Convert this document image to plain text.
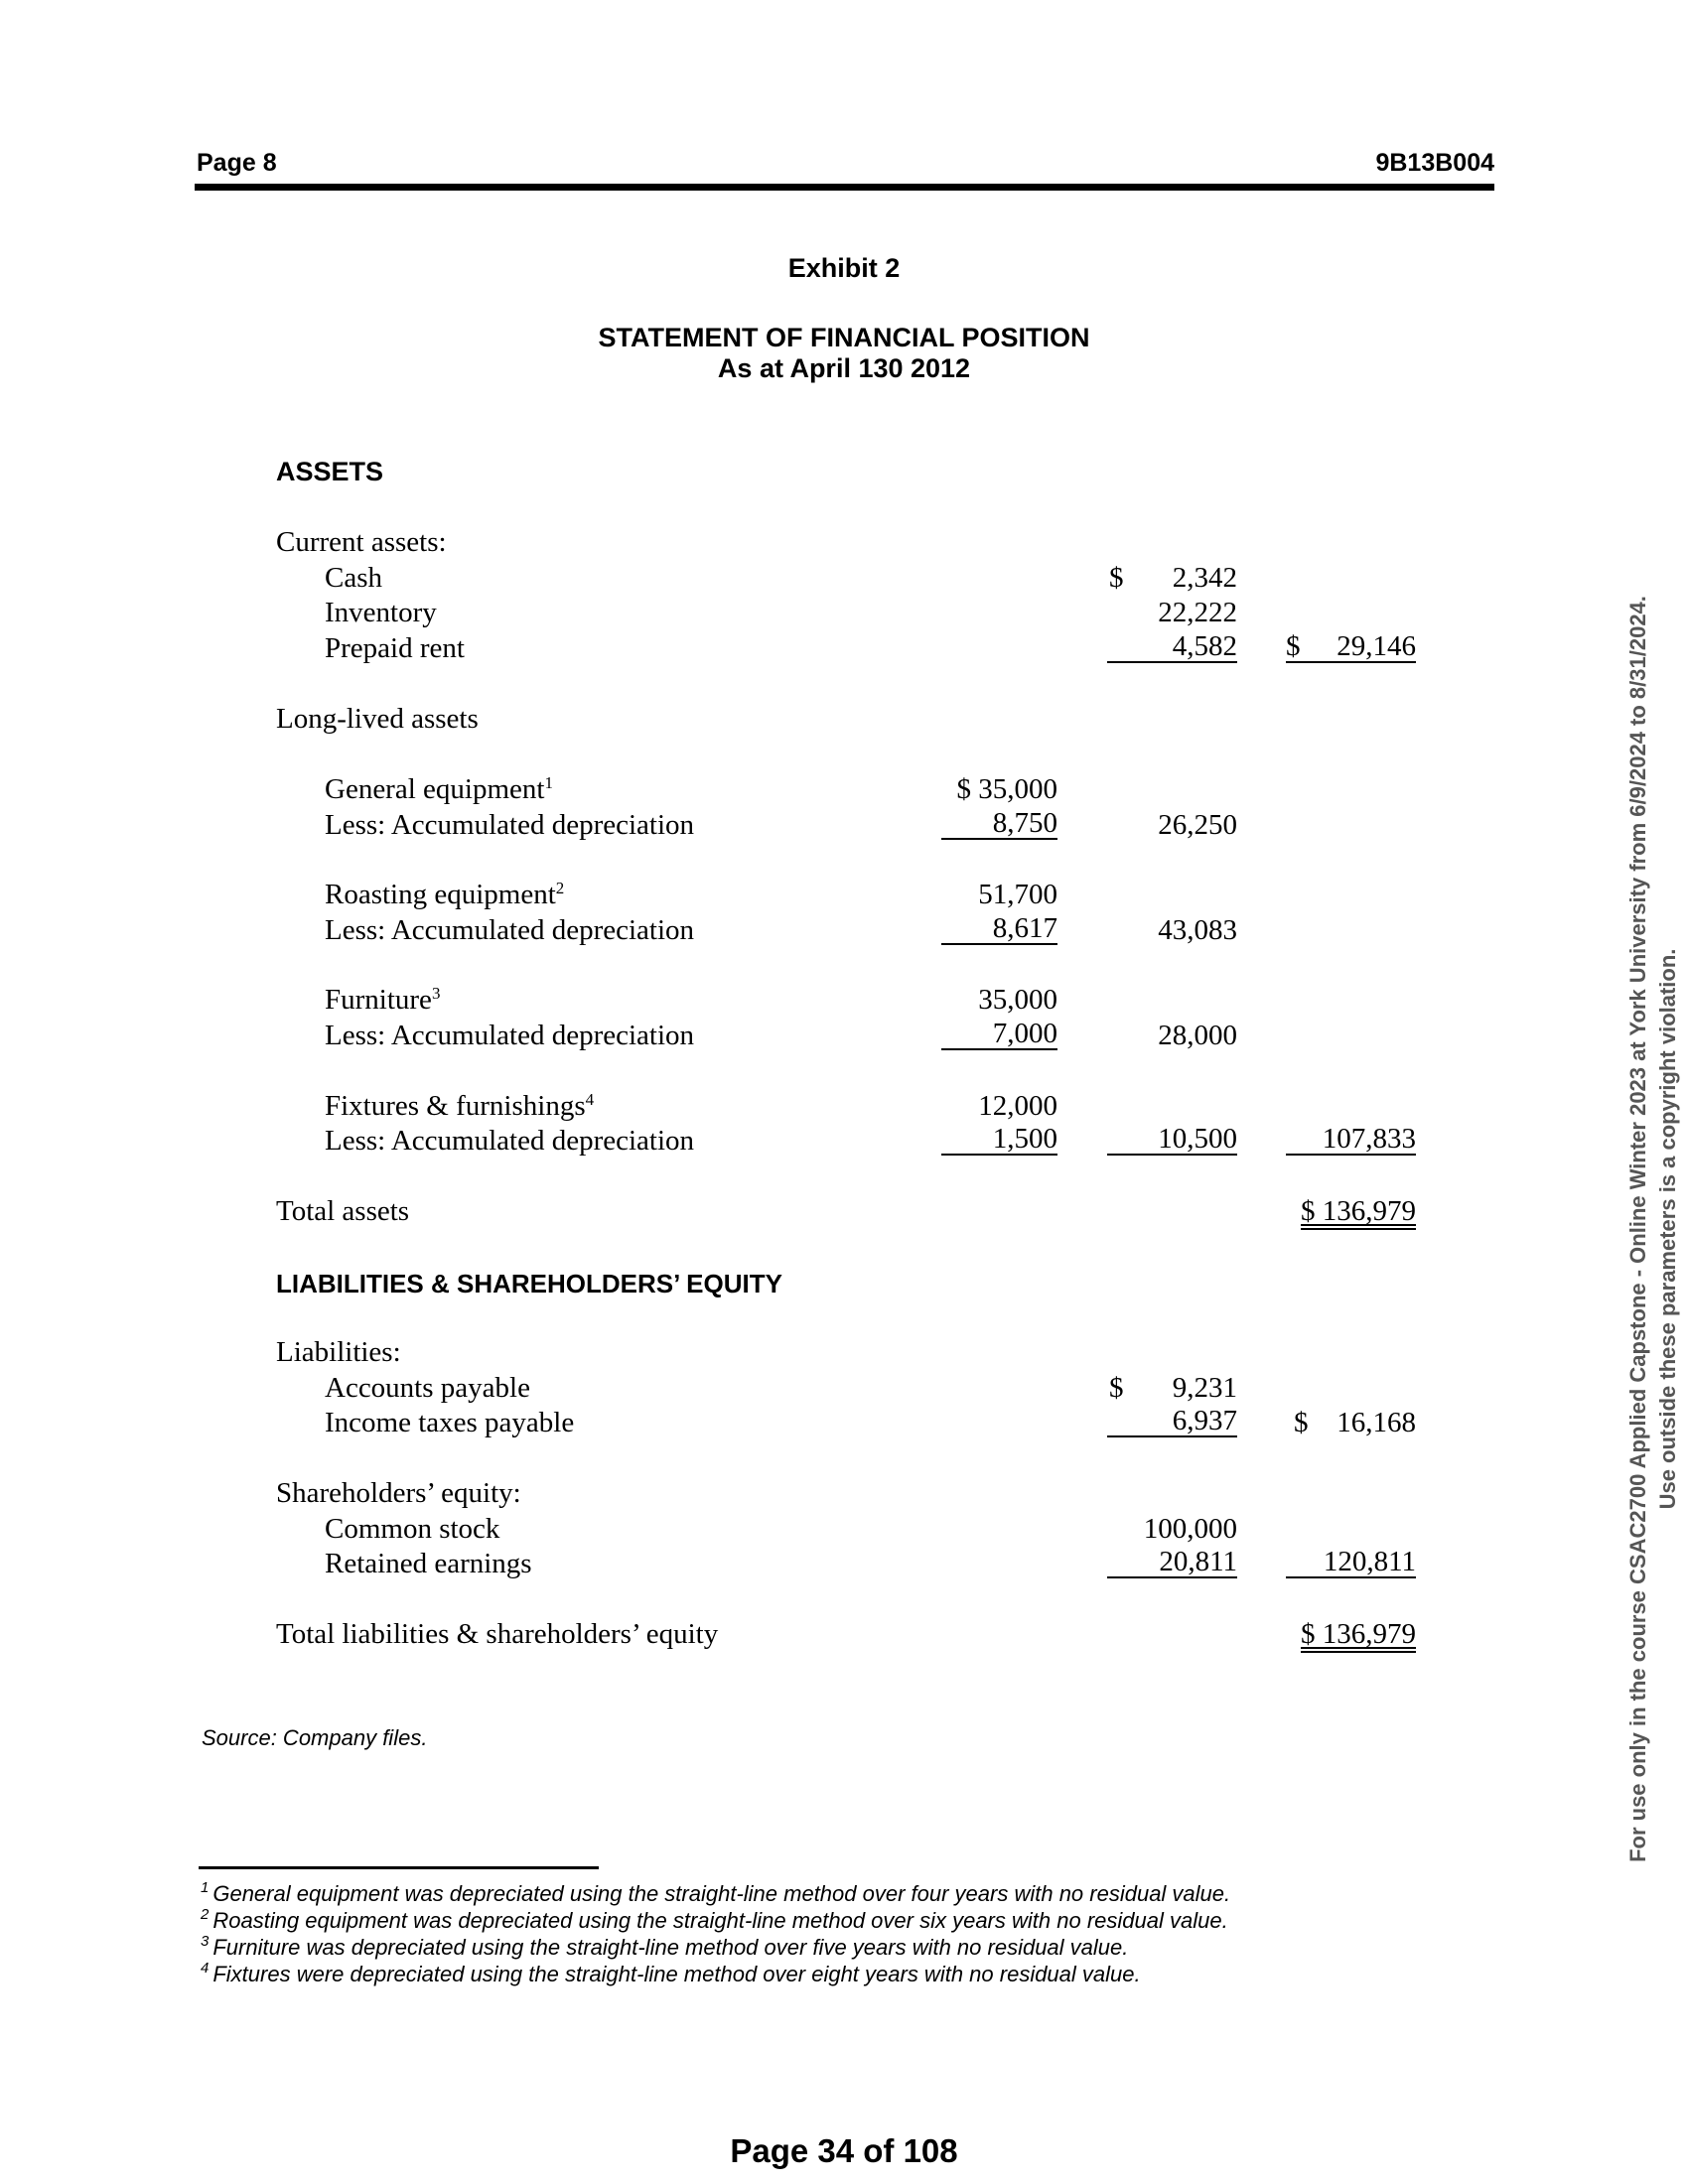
Page 8	9B13B004
Exhibit 2
STATEMENT OF FINANCIAL POSITION
As at April 130 2012
ASSETS
Current assets:
Cash	$	2,342
Inventory	22,222
Prepaid rent	4,582 $ 29,146
Long-lived assets
General equipment$^1$	$ 35,000
Less: Accumulated depreciation	8,750	26,250
Roasting equipment$^2$	51,700
Less: Accumulated depreciation	8,617	43,083
Furniture$^3$	35,000
Less: Accumulated depreciation	7,000	28,000
Fixtures & furnishings$^4$	12,000
Less: Accumulated depreciation	1,500	10,500	107,833
Total assets	$ 136,979
LIABILITIES & SHAREHOLDERS’ EQUITY
Liabilities:
Accounts payable	$	9,231
Income taxes payable	6,937 $ 16,168
Shareholders’ equity:
Common stock	100,000
Retained earnings	20,811	120,811
Total liabilities & shareholders’ equity	$ 136,979
Source: Company files.
$^1$ General equipment was depreciated using the straight-line method over four years with no residual value.
$^2$ Roasting equipment was depreciated using the straight-line method over six years with no residual value.
$^3$ Furniture was depreciated using the straight-line method over five years with no residual value.
$^4$ Fixtures were depreciated using the straight-line method over eight years with no residual value.
For use only in the course CSAC2700 Applied Capstone - Online Winter 2023 at York University from 6/9/2024 to 8/31/2024. Use outside these parameters is a copyright violation.
Page 34 of 108
